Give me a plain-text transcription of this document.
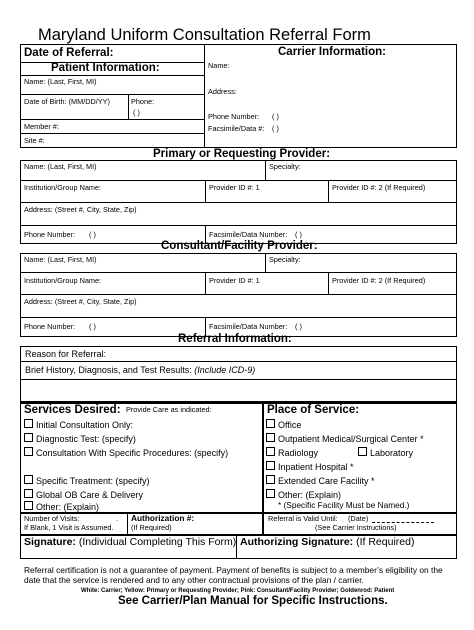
Maryland Uniform Consultation Referral Form
Date of Referral:
Patient Information:
Name: (Last, First, MI)
Date of Birth: (MM/DD/YY)	Phone:
( )
Member #:
Site #:
Carrier Information:
Name:
Address:
Phone Number: ( )
Facsimile/Data #: ( )
Primary or Requesting Provider:
Name: (Last, First, MI)	Specialty:
Institution/Group Name:	Provider ID #: 1	Provider ID #: 2 (If Required)
Address: (Street #, City, State, Zip)
Phone Number: ( )	Facsimile/Data Number: ( )
Consultant/Facility Provider:
Name: (Last, First, MI)	Specialty:
Institution/Group Name:	Provider ID #: 1	Provider ID #: 2 (If Required)
Address: (Street #, City, State, Zip)
Phone Number: ( )	Facsimile/Data Number: ( )
Referral Information:
Reason for Referral:
Brief History, Diagnosis, and Test Results: (Include ICD-9)
Services Desired: Provide Care as indicated:
Initial Consultation Only:
Diagnostic Test: (specify)
Consultation With Specific Procedures: (specify)
Specific Treatment: (specify)
Global OB Care & Delivery
Other: (Explain)
Place of Service:
Office
Outpatient Medical/Surgical Center *
Radiology	Laboratory
Inpatient Hospital *
Extended Care Facility *
Other: (Explain)
* (Specific Facility Must be Named.)
Number of Visits:	.
If Blank, 1 Visit is Assumed.
Authorization #:
(If Required)
Referral is Valid Until: (Date)
(See Carrier Instructions)
Signature: (Individual Completing This Form) Authorizing Signature: (If Required)
Referral certification is not a guarantee of payment. Payment of benefits is subject to a member’s eligibility on the
date that the service is rendered and to any other contractual provisions of the plan / carrier.
White: Carrier; Yellow: Primary or Requesting Provider; Pink: Consultant/Facility Provider; Goldenrod: Patient
See Carrier/Plan Manual for Specific Instructions.
